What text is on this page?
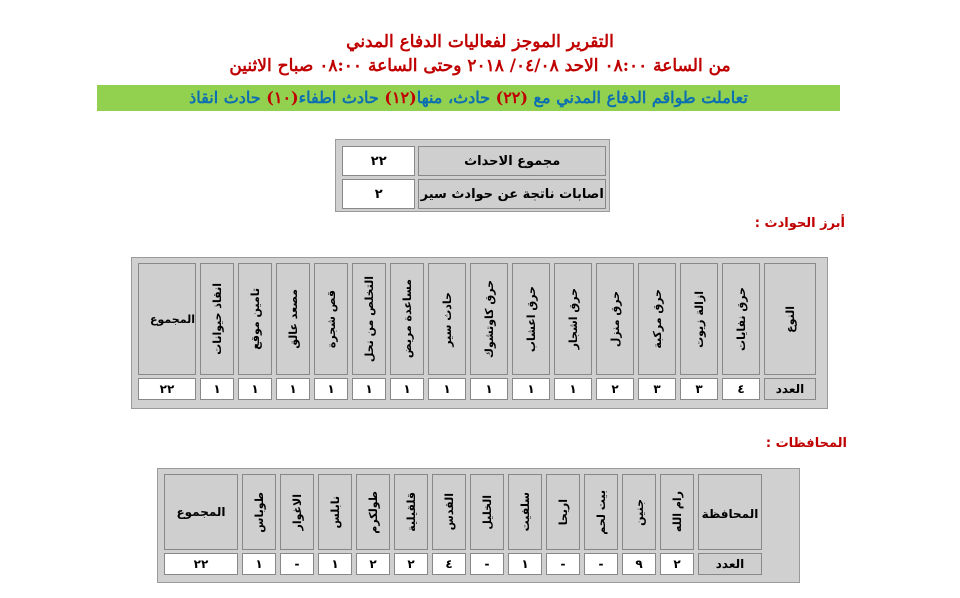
التقرير الموجز لفعاليات الدفاع المدني
من الساعة ٠٨:٠٠ الاحد ٠٤/٠٨/ ٢٠١٨ وحتى الساعة ٠٨:٠٠ صباح الاثنين
تعاملت طواقم الدفاع المدني مع (٢٢) حادث، منها(١٢) حادث اطفاء(١٠) حادث انقاذ
مجموع الاحداث	٢٢
اصابات ناتجة عن حوادث سير	٢
أبرز الحوادث :
النوع	حرق نفايات	ازالة زيوت	حرق مركبة	حرق منزل	حرق اشجار	حرق اعشاب	حرق كاوتشوك	حادث سير	مساعدة مريض	التخلص من نحل	قص شجرة	مصعد عالق	تامين موقع	انقاذ حيوانات	المجموع

العدد	٤	٣	٣	٢	١	١	١	١	١	١	١	١	١	١	٢٢
المحافظات :
المحافظة	رام الله	جنين	بيت لحم	اريحا	سلفيت	الخليل	القدس	قلقيلية	طولكرم	نابلس	الاغوار	طوباس	المجموع

العدد	٢	٩	-	-	١	-	٤	٢	٢	١	-	١	٢٢
